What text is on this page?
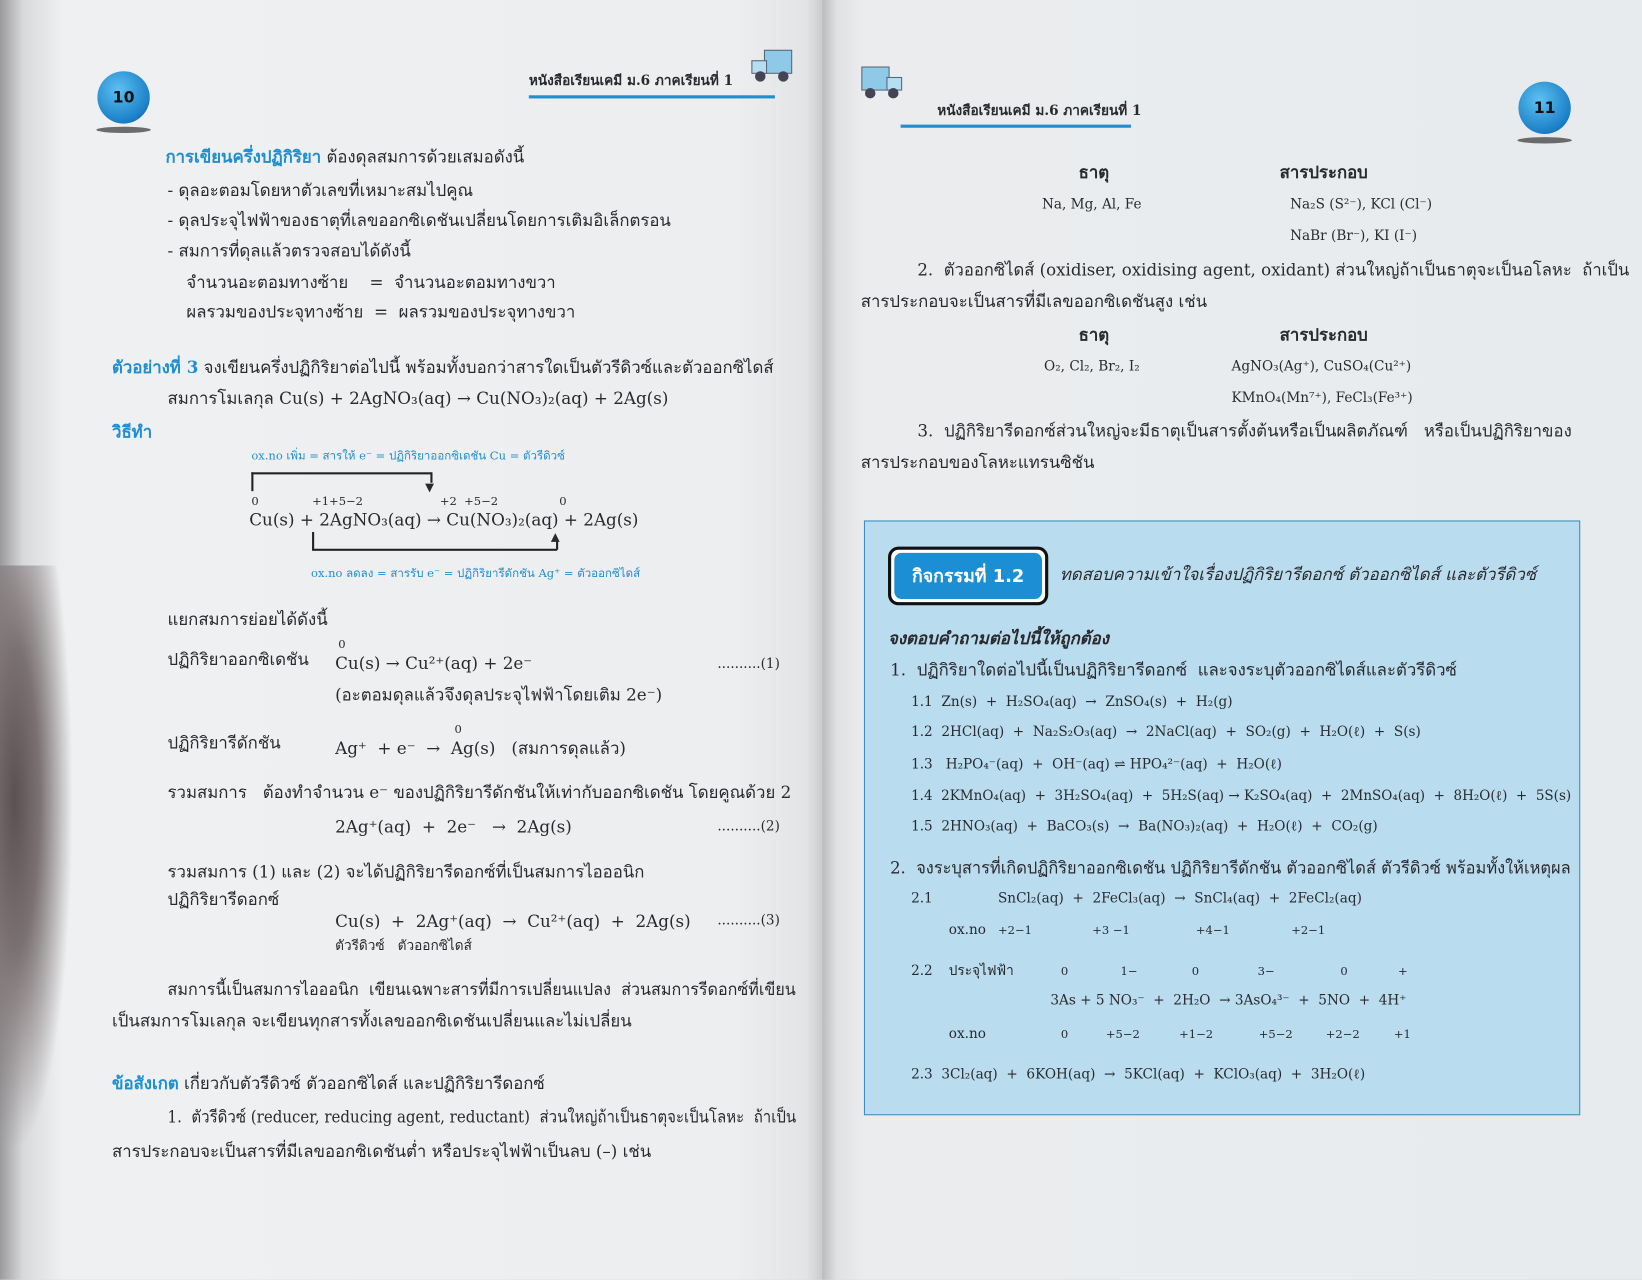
10
หนังสือเรียนเคมี ม.6 ภาคเรียนที่ 1
การเขียนครึ่งปฏิกิริยา ต้องดุลสมการด้วยเสมอดังนี้
- ดุลอะตอมโดยหาตัวเลขที่เหมาะสมไปคูณ
- ดุลประจุไฟฟ้าของธาตุที่เลขออกซิเดชันเปลี่ยนโดยการเติมอิเล็กตรอน
- สมการที่ดุลแล้วตรวจสอบได้ดังนี้
จำนวนอะตอมทางซ้าย    =  จำนวนอะตอมทางขวา
ผลรวมของประจุทางซ้าย  =  ผลรวมของประจุทางขวา
ตัวอย่างที่ 3 จงเขียนครึ่งปฏิกิริยาต่อไปนี้ พร้อมทั้งบอกว่าสารใดเป็นตัวรีดิวซ์และตัวออกซิไดส์
สมการโมเลกุล Cu(s) + 2AgNO₃(aq) → Cu(NO₃)₂(aq) + 2Ag(s)
วิธีทำ
ox.no เพิ่ม = สารให้ e⁻ = ปฏิกิริยาออกซิเดชัน Cu = ตัวรีดิวซ์
▼
0	+1+5−2	+2  +5−2	0
Cu(s) + 2AgNO₃(aq) → Cu(NO₃)₂(aq) + 2Ag(s)
▲
ox.no ลดลง = สารรับ e⁻ = ปฏิกิริยารีดักชัน Ag⁺ = ตัวออกซิไดส์
แยกสมการย่อยได้ดังนี้
ปฏิกิริยาออกซิเดชัน
0
Cu(s) → Cu²⁺(aq) + 2e⁻	..........(1)
(อะตอมดุลแล้วจึงดุลประจุไฟฟ้าโดยเติม 2e⁻)
ปฏิกิริยารีดักชัน
0
Ag⁺  + e⁻  →  Ag(s)   (สมการดุลแล้ว)
รวมสมการ   ต้องทำจำนวน e⁻ ของปฏิกิริยารีดักชันให้เท่ากับออกซิเดชัน โดยคูณด้วย 2
2Ag⁺(aq)  +  2e⁻   →  2Ag(s)	..........(2)
รวมสมการ (1) และ (2) จะได้ปฏิกิริยารีดอกซ์ที่เป็นสมการไอออนิก
ปฏิกิริยารีดอกซ์
Cu(s)  +  2Ag⁺(aq)  →  Cu²⁺(aq)  +  2Ag(s) ..........(3)
ตัวรีดิวซ์   ตัวออกซิไดส์
สมการนี้เป็นสมการไอออนิก  เขียนเฉพาะสารที่มีการเปลี่ยนแปลง  ส่วนสมการรีดอกซ์ที่เขียน
เป็นสมการโมเลกุล จะเขียนทุกสารทั้งเลขออกซิเดชันเปลี่ยนและไม่เปลี่ยน
ข้อสังเกต เกี่ยวกับตัวรีดิวซ์ ตัวออกซิไดส์ และปฏิกิริยารีดอกซ์
1.  ตัวรีดิวซ์ (reducer, reducing agent, reductant)  ส่วนใหญ่ถ้าเป็นธาตุจะเป็นโลหะ  ถ้าเป็น
สารประกอบจะเป็นสารที่มีเลขออกซิเดชันต่ำ หรือประจุไฟฟ้าเป็นลบ (–) เช่น
หนังสือเรียนเคมี ม.6 ภาคเรียนที่ 1	11
ธาตุ	สารประกอบ
Na, Mg, Al, Fe	Na₂S (S²⁻), KCl (Cl⁻)
NaBr (Br⁻), KI (I⁻)
2.  ตัวออกซิไดส์ (oxidiser, oxidising agent, oxidant) ส่วนใหญ่ถ้าเป็นธาตุจะเป็นอโลหะ  ถ้าเป็น
สารประกอบจะเป็นสารที่มีเลขออกซิเดชันสูง เช่น
ธาตุ	สารประกอบ
O₂, Cl₂, Br₂, I₂	AgNO₃(Ag⁺), CuSO₄(Cu²⁺)
KMnO₄(Mn⁷⁺), FeCl₃(Fe³⁺)
3.  ปฏิกิริยารีดอกซ์ส่วนใหญ่จะมีธาตุเป็นสารตั้งต้นหรือเป็นผลิตภัณฑ์   หรือเป็นปฏิกิริยาของ
สารประกอบของโลหะแทรนซิชัน
กิจกรรมที่ 1.2	ทดสอบความเข้าใจเรื่องปฏิกิริยารีดอกซ์ ตัวออกซิไดส์ และตัวรีดิวซ์
จงตอบคำถามต่อไปนี้ให้ถูกต้อง
1.  ปฏิกิริยาใดต่อไปนี้เป็นปฏิกิริยารีดอกซ์  และจงระบุตัวออกซิไดส์และตัวรีดิวซ์
1.1  Zn(s)  +  H₂SO₄(aq)  →  ZnSO₄(s)  +  H₂(g)
1.2  2HCl(aq)  +  Na₂S₂O₃(aq)  →  2NaCl(aq)  +  SO₂(g)  +  H₂O(ℓ)  +  S(s)
1.3   H₂PO₄⁻(aq)  +  OH⁻(aq) ⇌ HPO₄²⁻(aq)  +  H₂O(ℓ)
1.4  2KMnO₄(aq)  +  3H₂SO₄(aq)  +  5H₂S(aq) → K₂SO₄(aq)  +  2MnSO₄(aq)  +  8H₂O(ℓ)  +  5S(s)
1.5  2HNO₃(aq)  +  BaCO₃(s)  →  Ba(NO₃)₂(aq)  +  H₂O(ℓ)  +  CO₂(g)
2.  จงระบุสารที่เกิดปฏิกิริยาออกซิเดชัน ปฏิกิริยารีดักชัน ตัวออกซิไดส์ ตัวรีดิวซ์ พร้อมทั้งให้เหตุผล
2.1	SnCl₂(aq)  +  2FeCl₃(aq)  →  SnCl₄(aq)  +  2FeCl₂(aq)
ox.no +2−1	+3 −1	+4−1	+2−1
2.2 ประจุไฟฟ้า	0	1−	0	3−	0	+
3As + 5 NO₃⁻  +  2H₂O  → 3AsO₄³⁻  +  5NO  +  4H⁺
ox.no	0	+5−2	+1−2	+5−2	+2−2	+1
2.3  3Cl₂(aq)  +  6KOH(aq)  →  5KCl(aq)  +  KClO₃(aq)  +  3H₂O(ℓ)
